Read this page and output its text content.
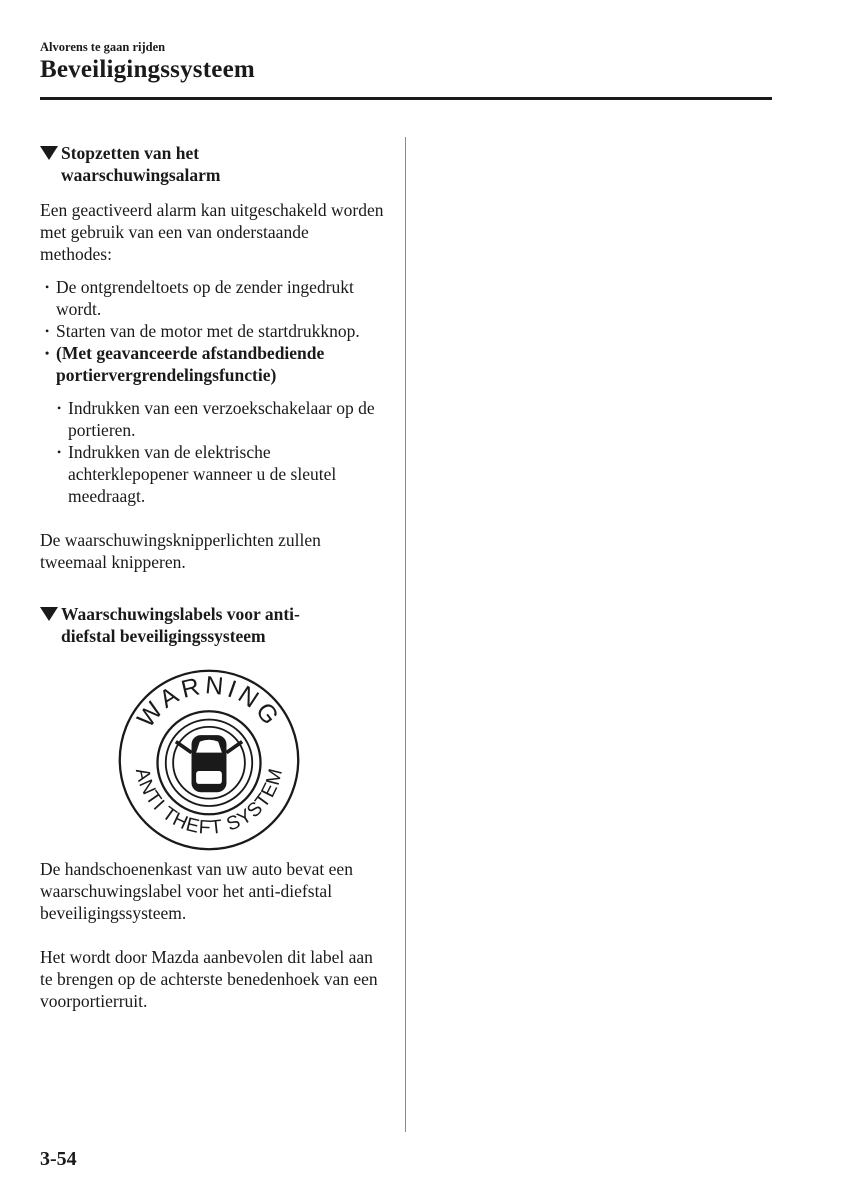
Alvorens te gaan rijden
Beveiligingssysteem
Stopzetten van het
waarschuwingsalarm

Een geactiveerd alarm kan uitgeschakeld worden met gebruik van een van onderstaande methodes:

• De ontgrendeltoets op de zender ingedrukt wordt.
• Starten van de motor met de startdrukknop.
• (Met geavanceerde afstandbediende portiervergrendelingsfunctie)
• Indrukken van een verzoekschakelaar op de portieren.
• Indrukken van de elektrische achterklepopener wanneer u de sleutel meedraagt.

De waarschuwingsknipperlichten zullen tweemaal knipperen.

Waarschuwingslabels voor anti-
diefstal beveiligingssysteem
WARNING
ANTI THEFT SYSTEM

De handschoenenkast van uw auto bevat een waarschuwingslabel voor het anti-diefstal beveiligingssysteem.

Het wordt door Mazda aanbevolen dit label aan te brengen op de achterste benedenhoek van een voorportierruit.

3-54
